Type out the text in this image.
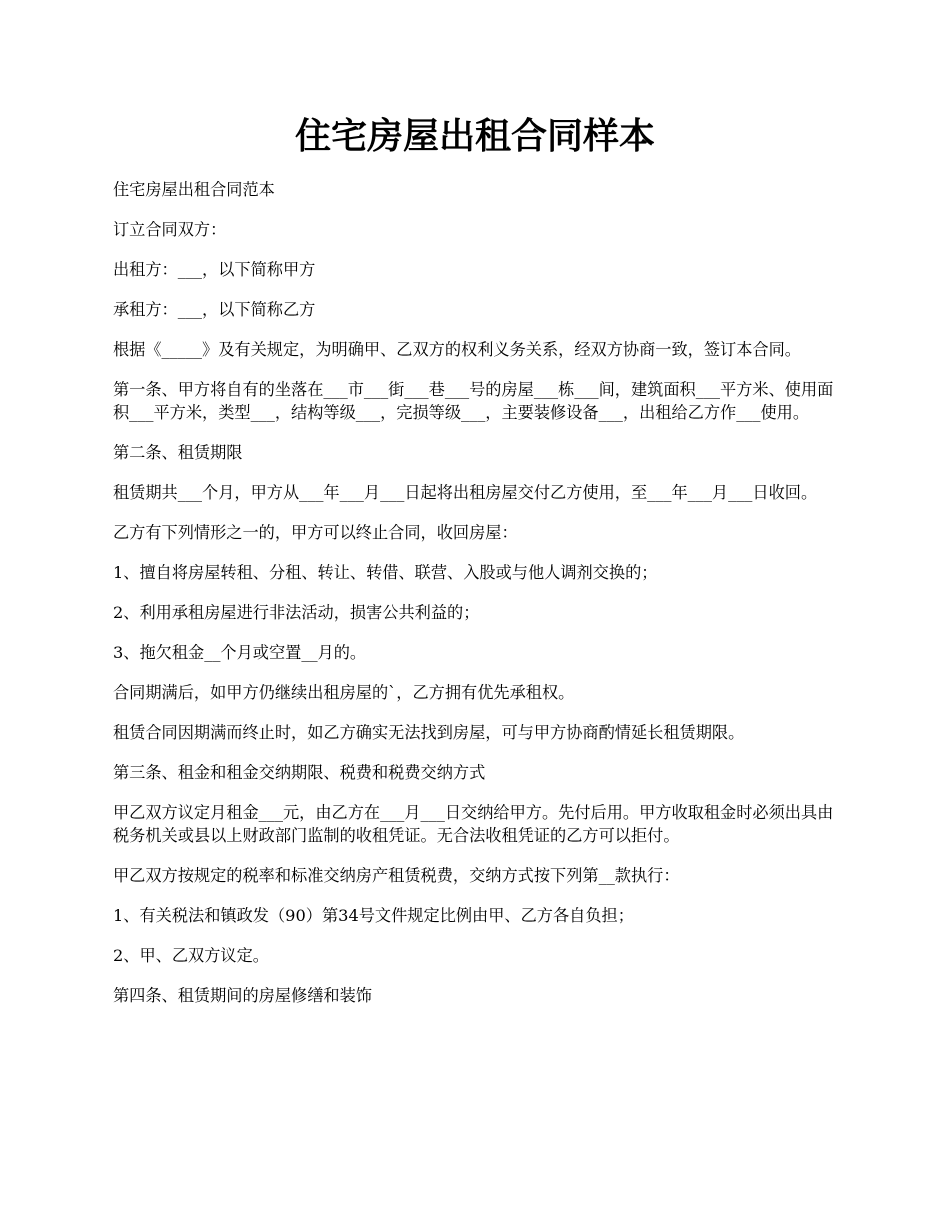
住宅房屋出租合同样本

住宅房屋出租合同范本

订立合同双方：

出租方：___，以下简称甲方

承租方：___，以下简称乙方

根据《_____》及有关规定，为明确甲、乙双方的权利义务关系，经双方协商一致，签订本合同。

第一条、甲方将自有的坐落在___市___街___巷___号的房屋___栋___间，建筑面积___平方米、使用面积___平方米，类型___，结构等级___，完损等级___，主要装修设备___，出租给乙方作___使用。

第二条、租赁期限

租赁期共___个月，甲方从___年___月___日起将出租房屋交付乙方使用，至___年___月___日收回。

乙方有下列情形之一的，甲方可以终止合同，收回房屋：

1、擅自将房屋转租、分租、转让、转借、联营、入股或与他人调剂交换的；

2、利用承租房屋进行非法活动，损害公共利益的；

3、拖欠租金__个月或空置__月的。

合同期满后，如甲方仍继续出租房屋的`，乙方拥有优先承租权。

租赁合同因期满而终止时，如乙方确实无法找到房屋，可与甲方协商酌情延长租赁期限。

第三条、租金和租金交纳期限、税费和税费交纳方式

甲乙双方议定月租金___元，由乙方在___月___日交纳给甲方。先付后用。甲方收取租金时必须出具由税务机关或县以上财政部门监制的收租凭证。无合法收租凭证的乙方可以拒付。

甲乙双方按规定的税率和标准交纳房产租赁税费，交纳方式按下列第__款执行：

1、有关税法和镇政发（90）第34号文件规定比例由甲、乙方各自负担；

2、甲、乙双方议定。

第四条、租赁期间的房屋修缮和装饰
